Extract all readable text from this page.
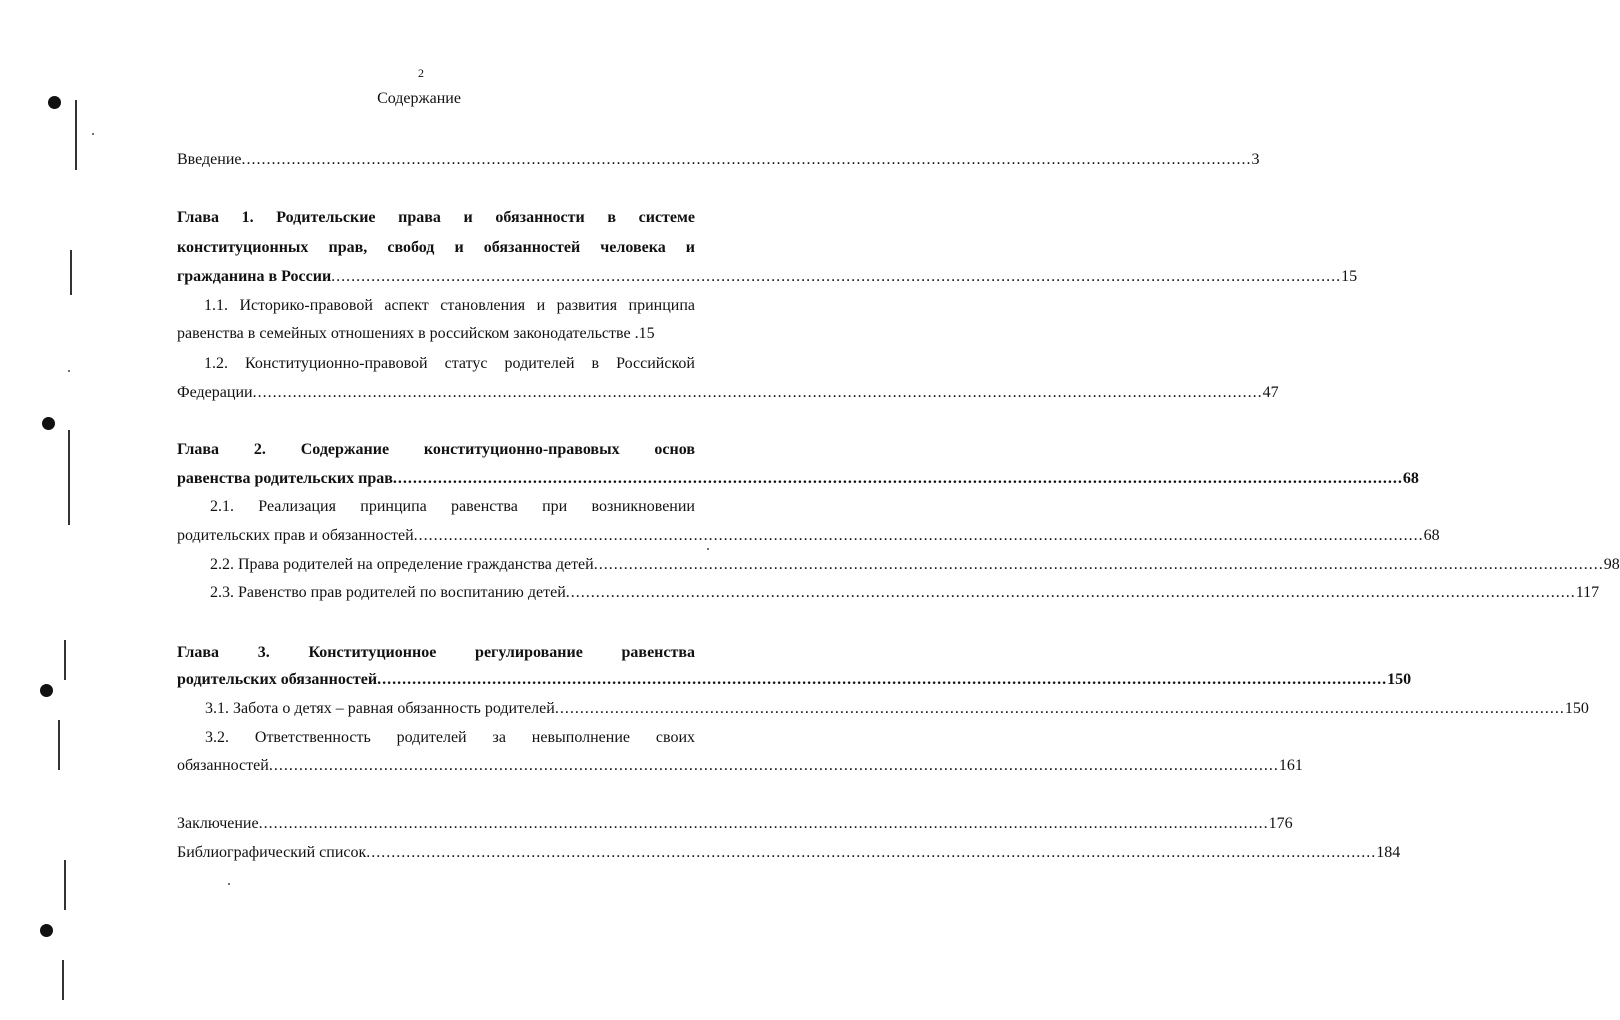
2
Содержание
Введение .......................................................................................................................................................................................................... 3
Глава 1. Родительские права и обязанности в системе
конституционных прав, свобод и обязанностей человека и
гражданина в России .......................................................................................................................................................................................................... 15
1.1. Историко-правовой аспект становления и развития принципа
равенства в семейных отношениях в российском законодательстве .15
1.2. Конституционно-правовой статус родителей в Российской
Федерации .......................................................................................................................................................................................................... 47
Глава 2. Содержание конституционно-правовых основ
равенства родительских прав .......................................................................................................................................................................................................... 68
2.1. Реализация принципа равенства при возникновении
родительских прав и обязанностей .......................................................................................................................................................................................................... 68
2.2. Права родителей на определение гражданства детей .......................................................................................................................................................................................................... 98
2.3. Равенство прав родителей по воспитанию детей .......................................................................................................................................................................................................... 117
Глава 3. Конституционное регулирование равенства
родительских обязанностей .......................................................................................................................................................................................................... 150
3.1. Забота о детях – равная обязанность родителей .......................................................................................................................................................................................................... 150
3.2. Ответственность родителей за невыполнение своих
обязанностей .......................................................................................................................................................................................................... 161
Заключение .......................................................................................................................................................................................................... 176
Библиографический список .......................................................................................................................................................................................................... 184
